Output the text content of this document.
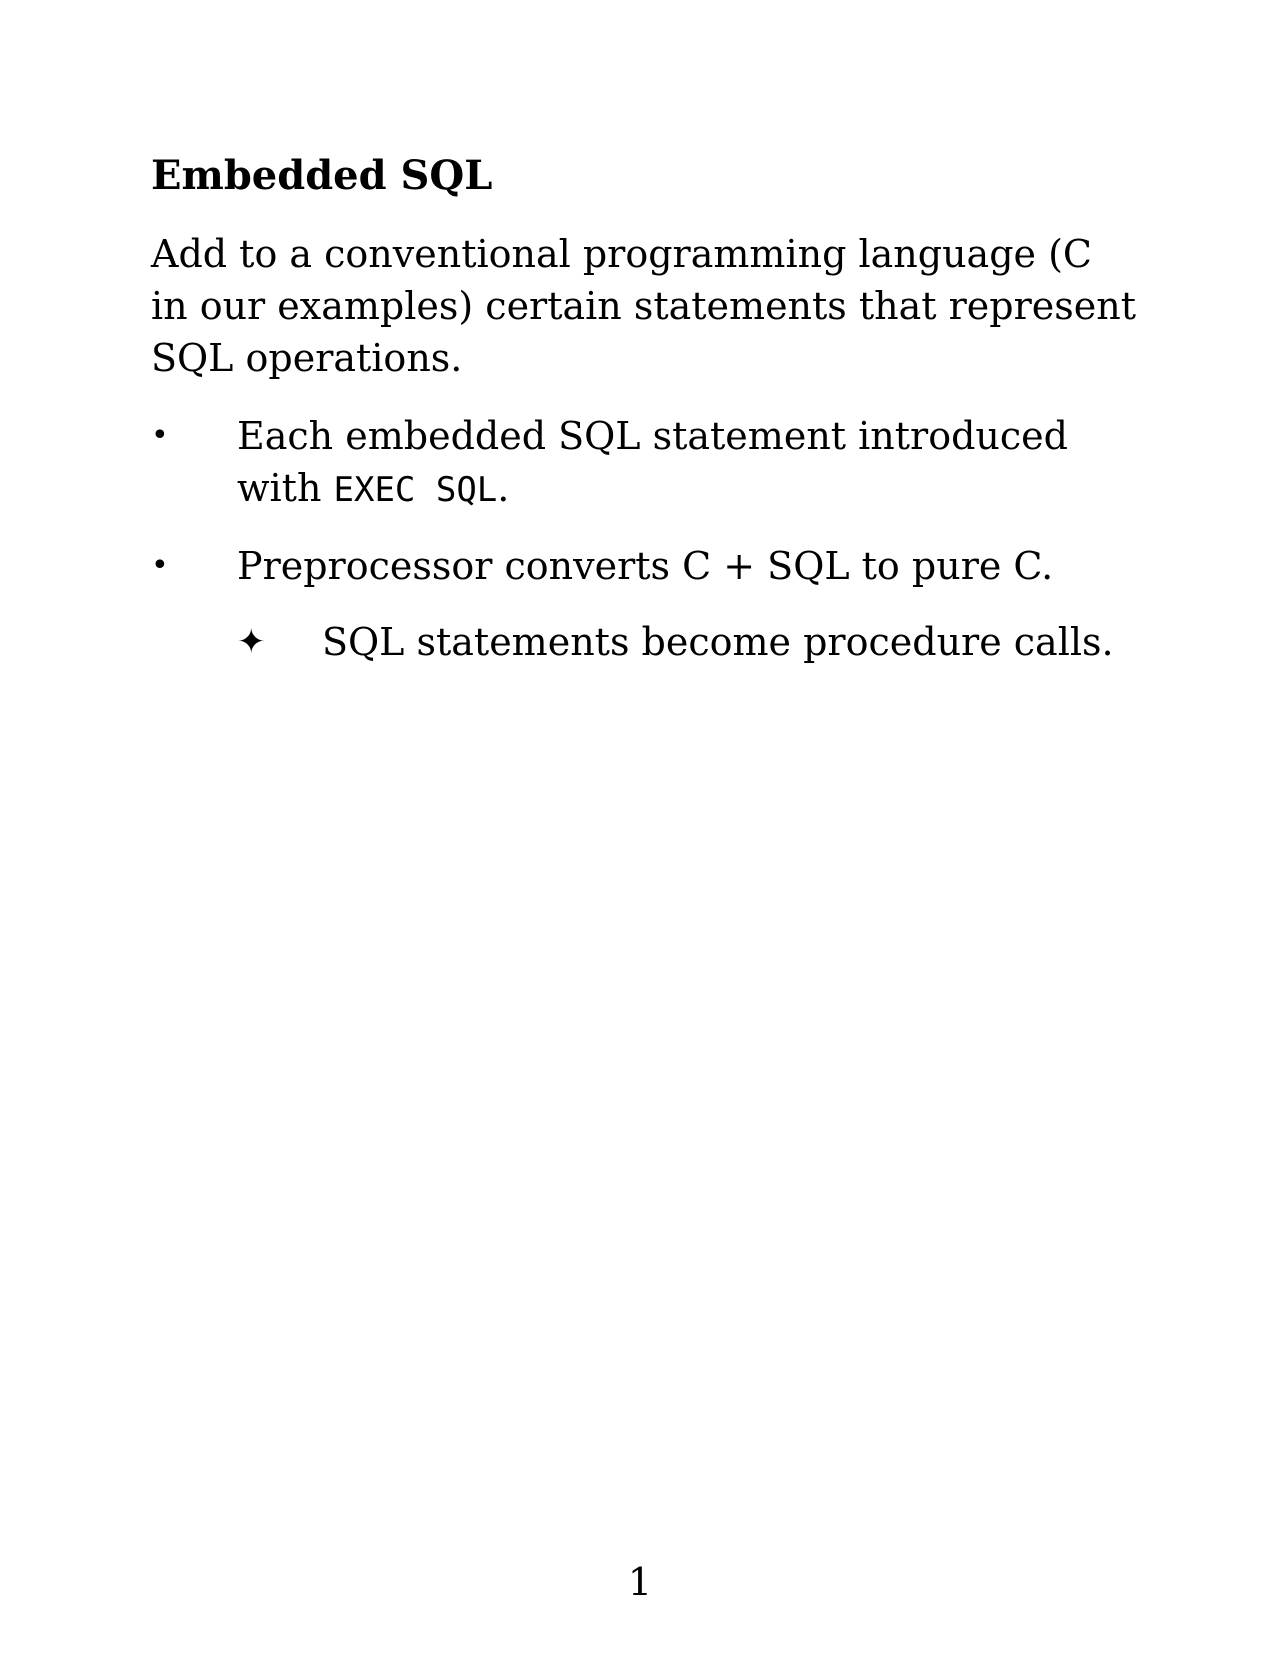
Embedded SQL
Add to a conventional programming language (C
in our examples) certain statements that represent
SQL operations.
• Each embedded SQL statement introduced
with EXEC SQL.
• Preprocessor converts C + SQL to pure C.
✦ SQL statements become procedure calls.
1
